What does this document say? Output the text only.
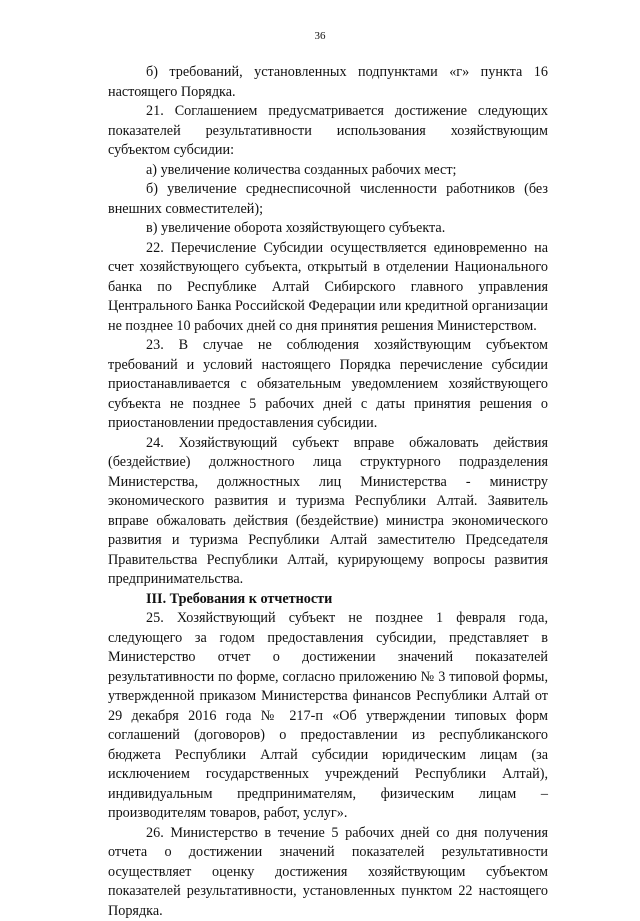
36

б) требований, установленных подпунктами «г» пункта 16 настоящего Порядка.

21. Соглашением предусматривается достижение следующих показателей результативности использования хозяйствующим субъектом субсидии:

а) увеличение количества созданных рабочих мест;

б) увеличение среднесписочной численности работников (без внешних совместителей);

в) увеличение оборота хозяйствующего субъекта.

22. Перечисление Субсидии осуществляется единовременно на счет хозяйствующего субъекта, открытый в отделении Национального банка по Республике Алтай Сибирского главного управления Центрального Банка Российской Федерации или кредитной организации не позднее 10 рабочих дней со дня принятия решения Министерством.

23. В случае не соблюдения хозяйствующим субъектом требований и условий настоящего Порядка перечисление субсидии приостанавливается с обязательным уведомлением хозяйствующего субъекта не позднее 5 рабочих дней с даты принятия решения о приостановлении предоставления субсидии.

24. Хозяйствующий субъект вправе обжаловать действия (бездействие) должностного лица структурного подразделения Министерства, должностных лиц Министерства - министру экономического развития и туризма Республики Алтай. Заявитель вправе обжаловать действия (бездействие) министра экономического развития и туризма Республики Алтай заместителю Председателя Правительства Республики Алтай, курирующему вопросы развития предпринимательства.

III. Требования к отчетности

25. Хозяйствующий субъект не позднее 1 февраля года, следующего за годом предоставления субсидии, представляет в Министерство отчет о достижении значений показателей результативности по форме, согласно приложению № 3 типовой формы, утвержденной приказом Министерства финансов Республики Алтай от 29 декабря 2016 года № 217-п «Об утверждении типовых форм соглашений (договоров) о предоставлении из республиканского бюджета Республики Алтай субсидии юридическим лицам (за исключением государственных учреждений Республики Алтай), индивидуальным предпринимателям, физическим лицам – производителям товаров, работ, услуг».

26. Министерство в течение 5 рабочих дней со дня получения отчета о достижении значений показателей результативности осуществляет оценку достижения хозяйствующим субъектом показателей результативности, установленных пунктом 22 настоящего Порядка.
